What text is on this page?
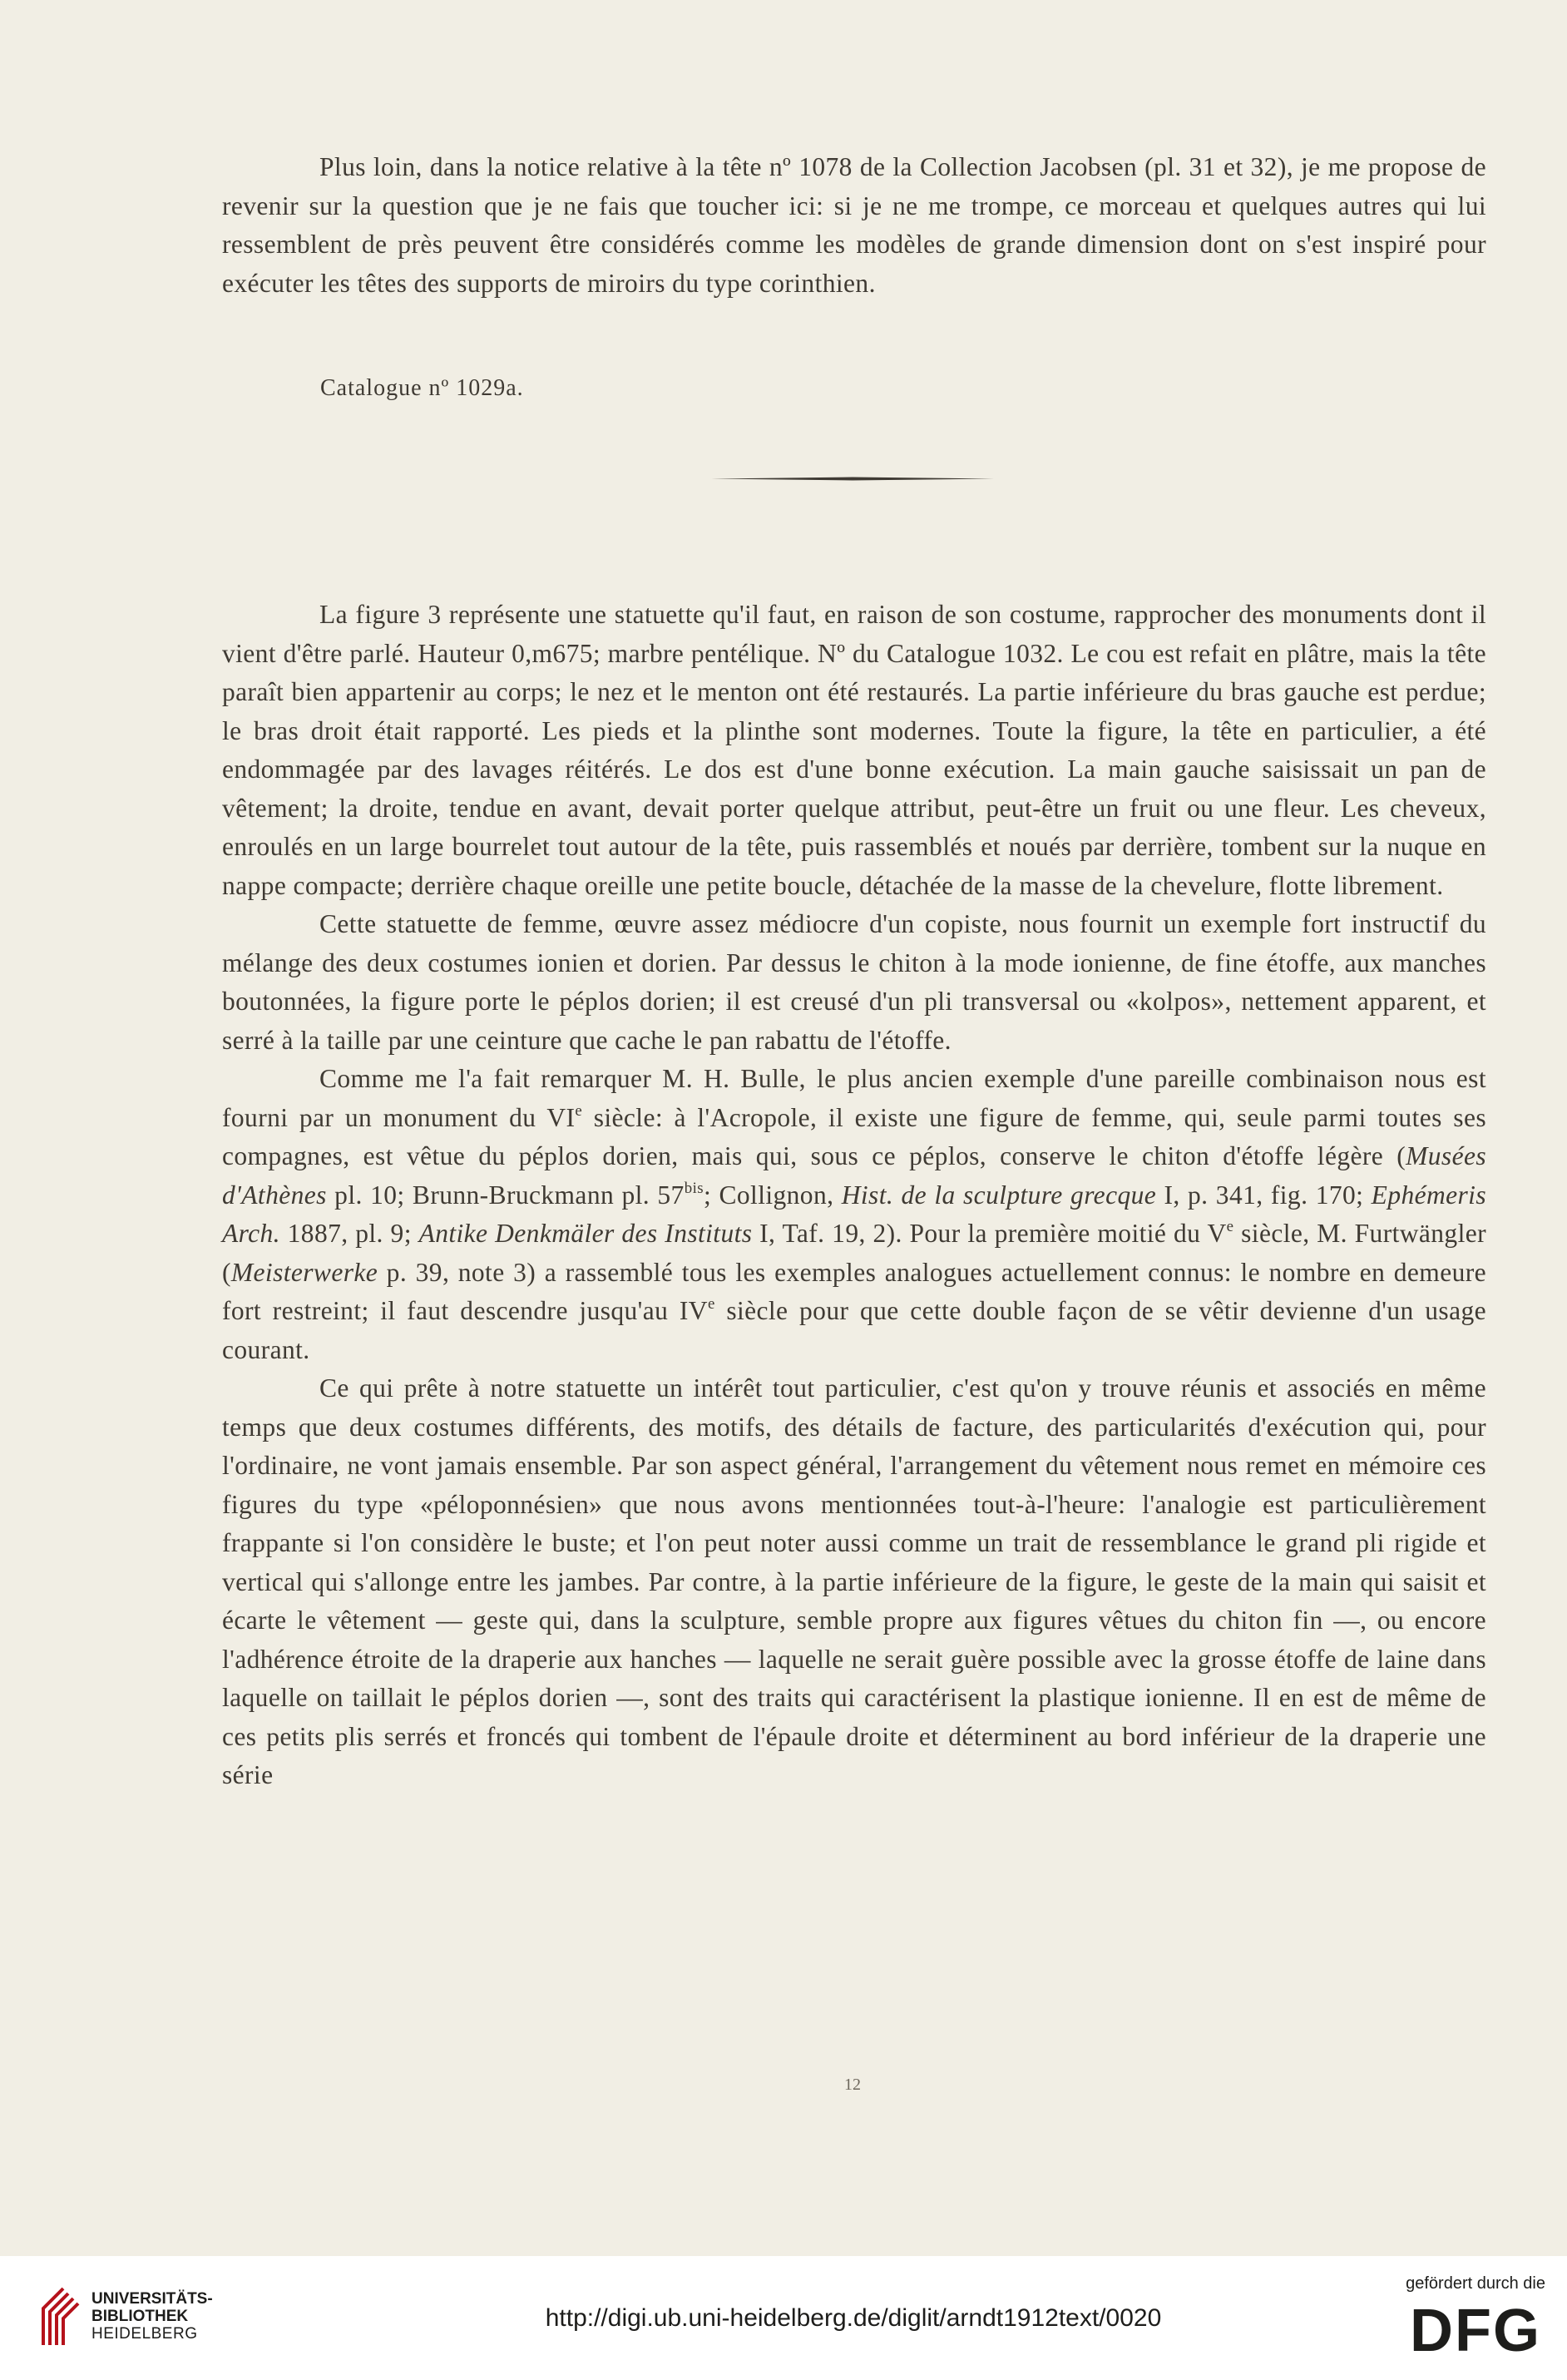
Plus loin, dans la notice relative à la tête nº 1078 de la Collection Jacobsen (pl. 31 et 32), je me propose de revenir sur la question que je ne fais que toucher ici: si je ne me trompe, ce morceau et quelques autres qui lui ressemblent de près peuvent être considérés comme les modèles de grande dimension dont on s'est inspiré pour exécuter les têtes des supports de miroirs du type corinthien.

Catalogue nº 1029a.

La figure 3 représente une statuette qu'il faut, en raison de son costume, rapprocher des monuments dont il vient d'être parlé. Hauteur 0,m675; marbre pentélique. Nº du Catalogue 1032. Le cou est refait en plâtre, mais la tête paraît bien appartenir au corps; le nez et le menton ont été restaurés. La partie inférieure du bras gauche est perdue; le bras droit était rapporté. Les pieds et la plinthe sont modernes. Toute la figure, la tête en particulier, a été endommagée par des lavages réitérés. Le dos est d'une bonne exécution. La main gauche saisissait un pan de vêtement; la droite, tendue en avant, devait porter quelque attribut, peut-être un fruit ou une fleur. Les cheveux, enroulés en un large bourrelet tout autour de la tête, puis rassemblés et noués par derrière, tombent sur la nuque en nappe compacte; derrière chaque oreille une petite boucle, détachée de la masse de la chevelure, flotte librement.

Cette statuette de femme, œuvre assez médiocre d'un copiste, nous fournit un exemple fort instructif du mélange des deux costumes ionien et dorien. Par dessus le chiton à la mode ionienne, de fine étoffe, aux manches boutonnées, la figure porte le péplos dorien; il est creusé d'un pli transversal ou «kolpos», nettement apparent, et serré à la taille par une ceinture que cache le pan rabattu de l'étoffe.

Comme me l'a fait remarquer M. H. Bulle, le plus ancien exemple d'une pareille combinaison nous est fourni par un monument du VIe siècle: à l'Acropole, il existe une figure de femme, qui, seule parmi toutes ses compagnes, est vêtue du péplos dorien, mais qui, sous ce péplos, conserve le chiton d'étoffe légère (Musées d'Athènes pl. 10; Brunn-Bruckmann pl. $57^{bis}$; Collignon, Hist. de la sculpture grecque I, p. 341, fig. 170; Ephémeris Arch. 1887, pl. 9; Antike Denkmäler des Instituts I, Taf. 19, 2). Pour la première moitié du Ve siècle, M. Furtwängler (Meisterwerke p. 39, note 3) a rassemblé tous les exemples analogues actuellement connus: le nombre en demeure fort restreint; il faut descendre jusqu'au IVe siècle pour que cette double façon de se vêtir devienne d'un usage courant.

Ce qui prête à notre statuette un intérêt tout particulier, c'est qu'on y trouve réunis et associés en même temps que deux costumes différents, des motifs, des détails de facture, des particularités d'exécution qui, pour l'ordinaire, ne vont jamais ensemble. Par son aspect général, l'arrangement du vêtement nous remet en mémoire ces figures du type «péloponnésien» que nous avons mentionnées tout-à-l'heure: l'analogie est particulièrement frappante si l'on considère le buste; et l'on peut noter aussi comme un trait de ressemblance le grand pli rigide et vertical qui s'allonge entre les jambes. Par contre, à la partie inférieure de la figure, le geste de la main qui saisit et écarte le vêtement — geste qui, dans la sculpture, semble propre aux figures vêtues du chiton fin —, ou encore l'adhérence étroite de la draperie aux hanches — laquelle ne serait guère possible avec la grosse étoffe de laine dans laquelle on taillait le péplos dorien —, sont des traits qui caractérisent la plastique ionienne. Il en est de même de ces petits plis serrés et froncés qui tombent de l'épaule droite et déterminent au bord inférieur de la draperie une série

12
UNIVERSITÄTS-
BIBLIOTHEK
HEIDELBERG
http://digi.ub.uni-heidelberg.de/diglit/arndt1912text/0020
gefördert durch die
DFG
